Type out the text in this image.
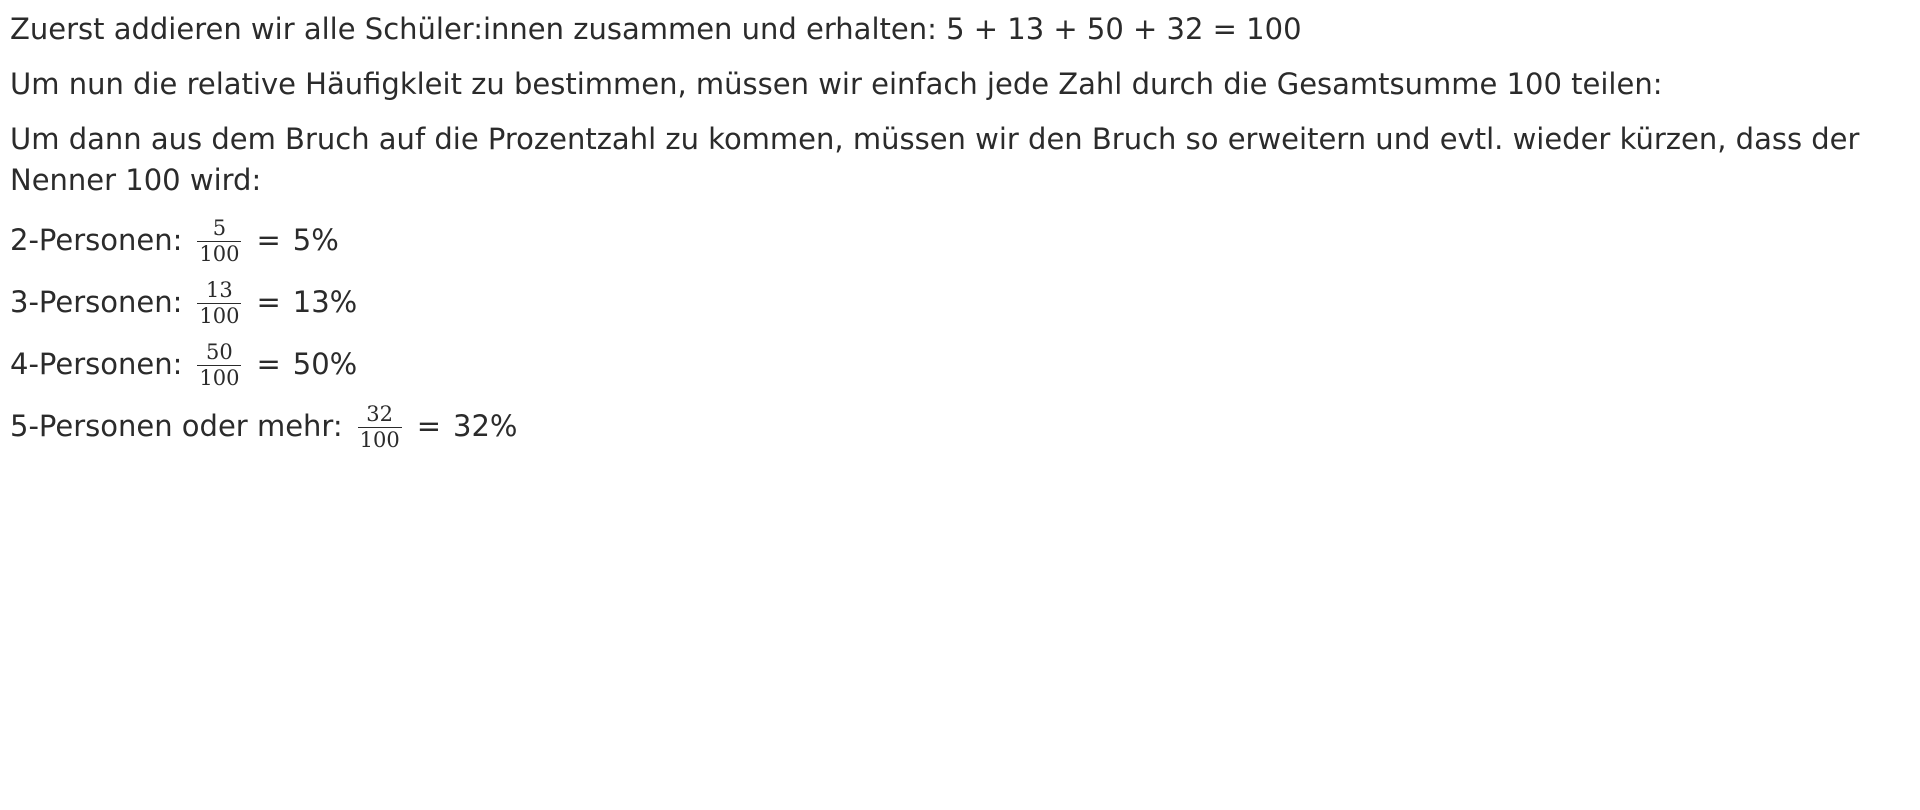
Zuerst addieren wir alle Schüler:innen zusammen und erhalten: 5 + 13 + 50 + 32 = 100

Um nun die relative Häufigkleit zu bestimmen, müssen wir einfach jede Zahl durch die Gesamtsumme 100 teilen:

Um dann aus dem Bruch auf die Prozentzahl zu kommen, müssen wir den Bruch so erweitern und evtl. wieder kürzen, dass der Nenner 100 wird:

2-Personen: $\frac{5}{100} = 5\%$
3-Personen: $\frac{13}{100} = 13\%$
4-Personen: $\frac{50}{100} = 50\%$
5-Personen oder mehr: $\frac{32}{100} = 32\%$
